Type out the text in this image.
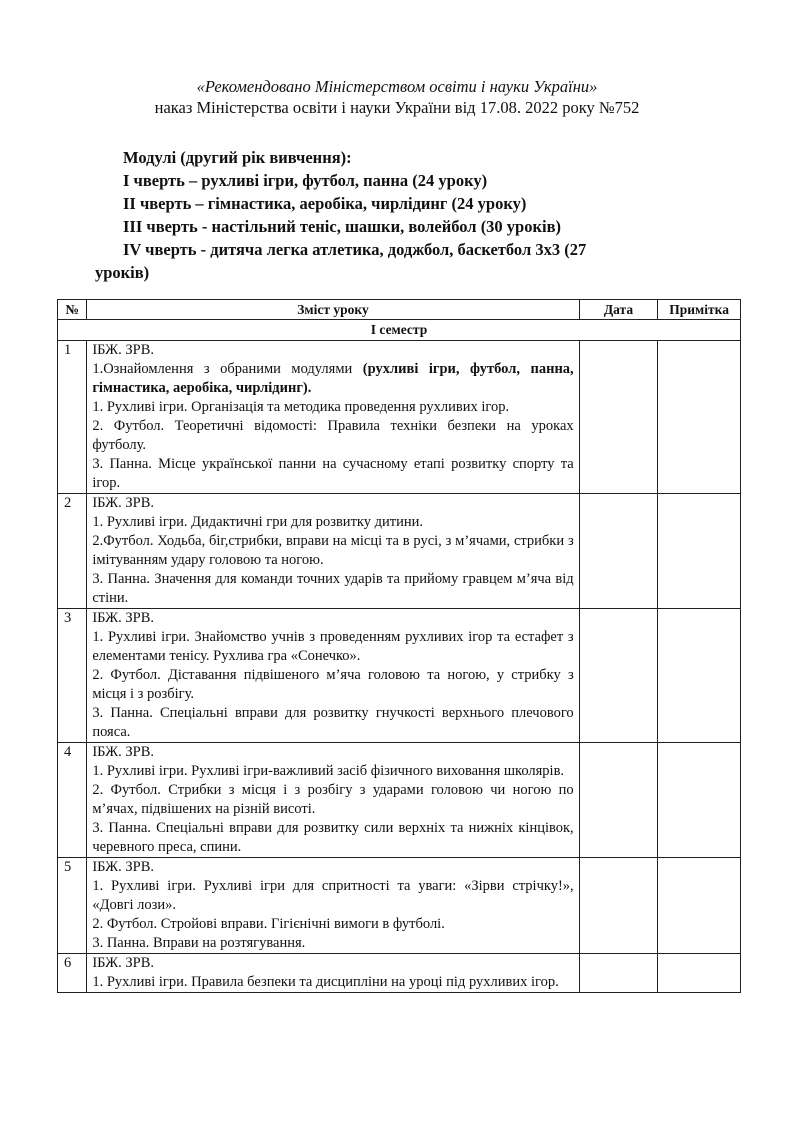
«Рекомендовано Міністерством освіти і науки України»
наказ Міністерства освіти і науки України від 17.08. 2022 року №752
Модулі (другий рік вивчення):
І чверть – рухливі ігри, футбол, панна (24 уроку)
ІІ чверть – гімнастика, аеробіка, чирлідинг (24 уроку)
ІІІ чверть - настільний теніс, шашки, волейбол (30 уроків)
ІV чверть - дитяча легка атлетика, доджбол, баскетбол 3х3 (27
уроків)
№	Зміст уроку	Дата	Примітка
І семестр			
1	ІБЖ. ЗРВ.
1.Ознайомлення з обраними модулями (рухливі ігри, футбол, панна, гімнастика, аеробіка, чирлідинг).
1. Рухливі ігри. Організація та методика проведення рухливих ігор.
2. Футбол. Теоретичні відомості: Правила техніки безпеки на уроках футболу.
3. Панна. Місце української панни на сучасному етапі розвитку спорту та ігор.		

2	ІБЖ. ЗРВ.
1. Рухливі ігри. Дидактичні гри для розвитку дитини.
2.Футбол. Ходьба, біг,стрибки, вправи на місці та в русі, з м’ячами, стрибки з імітуванням удару головою та ногою.
3. Панна. Значення для команди точних ударів та прийому гравцем м’яча від стіни.		

3	ІБЖ. ЗРВ.
1. Рухливі ігри. Знайомство учнів з проведенням рухливих ігор та естафет з елементами тенісу. Рухлива гра «Сонечко».
2. Футбол. Діставання підвішеного м’яча головою та ногою, у стрибку з місця і з розбігу.
3. Панна. Спеціальні вправи для розвитку гнучкості верхнього плечового пояса.		

4	ІБЖ. ЗРВ.
1. Рухливі ігри. Рухливі ігри-важливий засіб фізичного виховання школярів.
2. Футбол. Стрибки з місця і з розбігу з ударами головою чи ногою по м’ячах, підвішених на різній висоті.
3. Панна. Спеціальні вправи для розвитку сили верхніх та нижніх кінцівок, черевного преса, спини.		

5	ІБЖ. ЗРВ.
1. Рухливі ігри. Рухливі ігри для спритності та уваги: «Зірви стрічку!», «Довгі лози».
2. Футбол. Стройові вправи. Гігієнічні вимоги в футболі.
3. Панна. Вправи на розтягування.		

6	ІБЖ. ЗРВ.
1. Рухливі ігри. Правила безпеки та дисципліни на уроці під рухливих ігор.		
